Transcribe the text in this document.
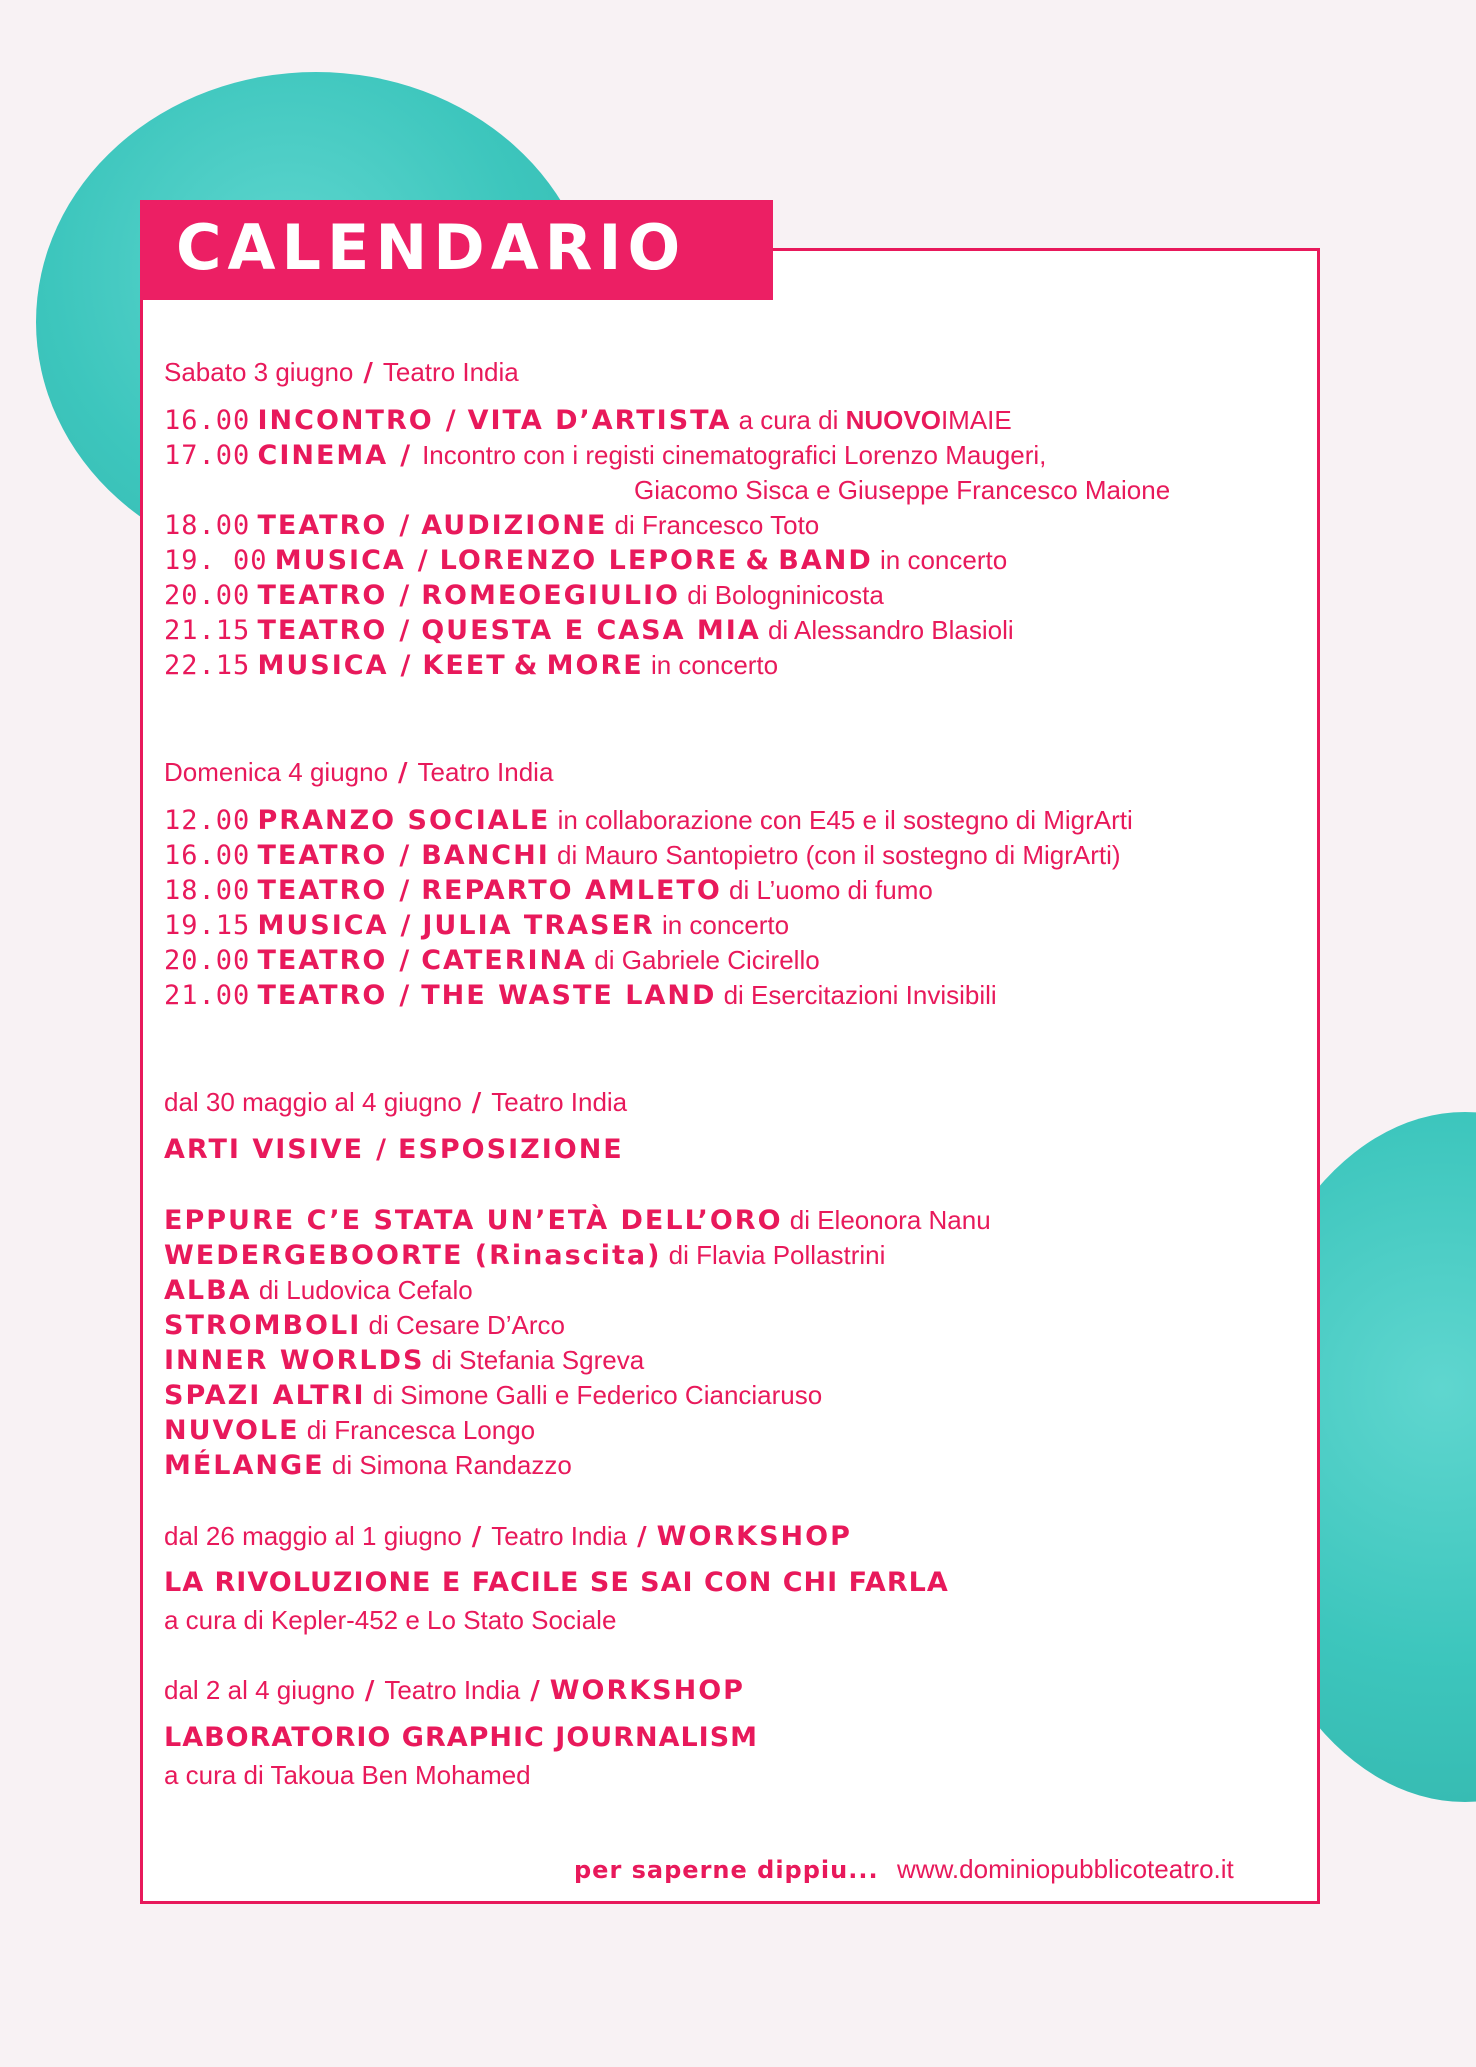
CALENDARIO
Sabato 3 giugno / Teatro India
16.00 INCONTRO / VITA D’ARTISTA a cura di NUOVOIMAIE
17.00 CINEMA / Incontro con i registi cinematografici Lorenzo Maugeri,
Giacomo Sisca e Giuseppe Francesco Maione
18.00 TEATRO / AUDIZIONE di Francesco Toto
19. 00 MUSICA / LORENZO LEPORE & BAND in concerto
20.00 TEATRO / ROMEOEGIULIO di Bologninicosta
21.15 TEATRO / QUESTA E CASA MIA di Alessandro Blasioli
22.15 MUSICA / KEET & MORE in concerto
Domenica 4 giugno / Teatro India
12.00 PRANZO SOCIALE in collaborazione con E45 e il sostegno di MigrArti
16.00 TEATRO / BANCHI di Mauro Santopietro (con il sostegno di MigrArti)
18.00 TEATRO / REPARTO AMLETO di L’uomo di fumo
19.15 MUSICA / JULIA TRASER in concerto
20.00 TEATRO / CATERINA di Gabriele Cicirello
21.00 TEATRO / THE WASTE LAND di Esercitazioni Invisibili
dal 30 maggio al 4 giugno / Teatro India
ARTI VISIVE / ESPOSIZIONE
EPPURE C’E STATA UN’ETÀ DELL’ORO di Eleonora Nanu
WEDERGEBOORTE (Rinascita) di Flavia Pollastrini
ALBA di Ludovica Cefalo
STROMBOLI di Cesare D’Arco
INNER WORLDS di Stefania Sgreva
SPAZI ALTRI di Simone Galli e Federico Cianciaruso
NUVOLE di Francesca Longo
MÉLANGE di Simona Randazzo
dal 26 maggio al 1 giugno / Teatro India / WORKSHOP
LA RIVOLUZIONE E FACILE SE SAI CON CHI FARLA
a cura di Kepler-452 e Lo Stato Sociale
dal 2 al 4 giugno / Teatro India / WORKSHOP
LABORATORIO GRAPHIC JOURNALISM
a cura di Takoua Ben Mohamed
per saperne dippiu... www.dominiopubblicoteatro.it
